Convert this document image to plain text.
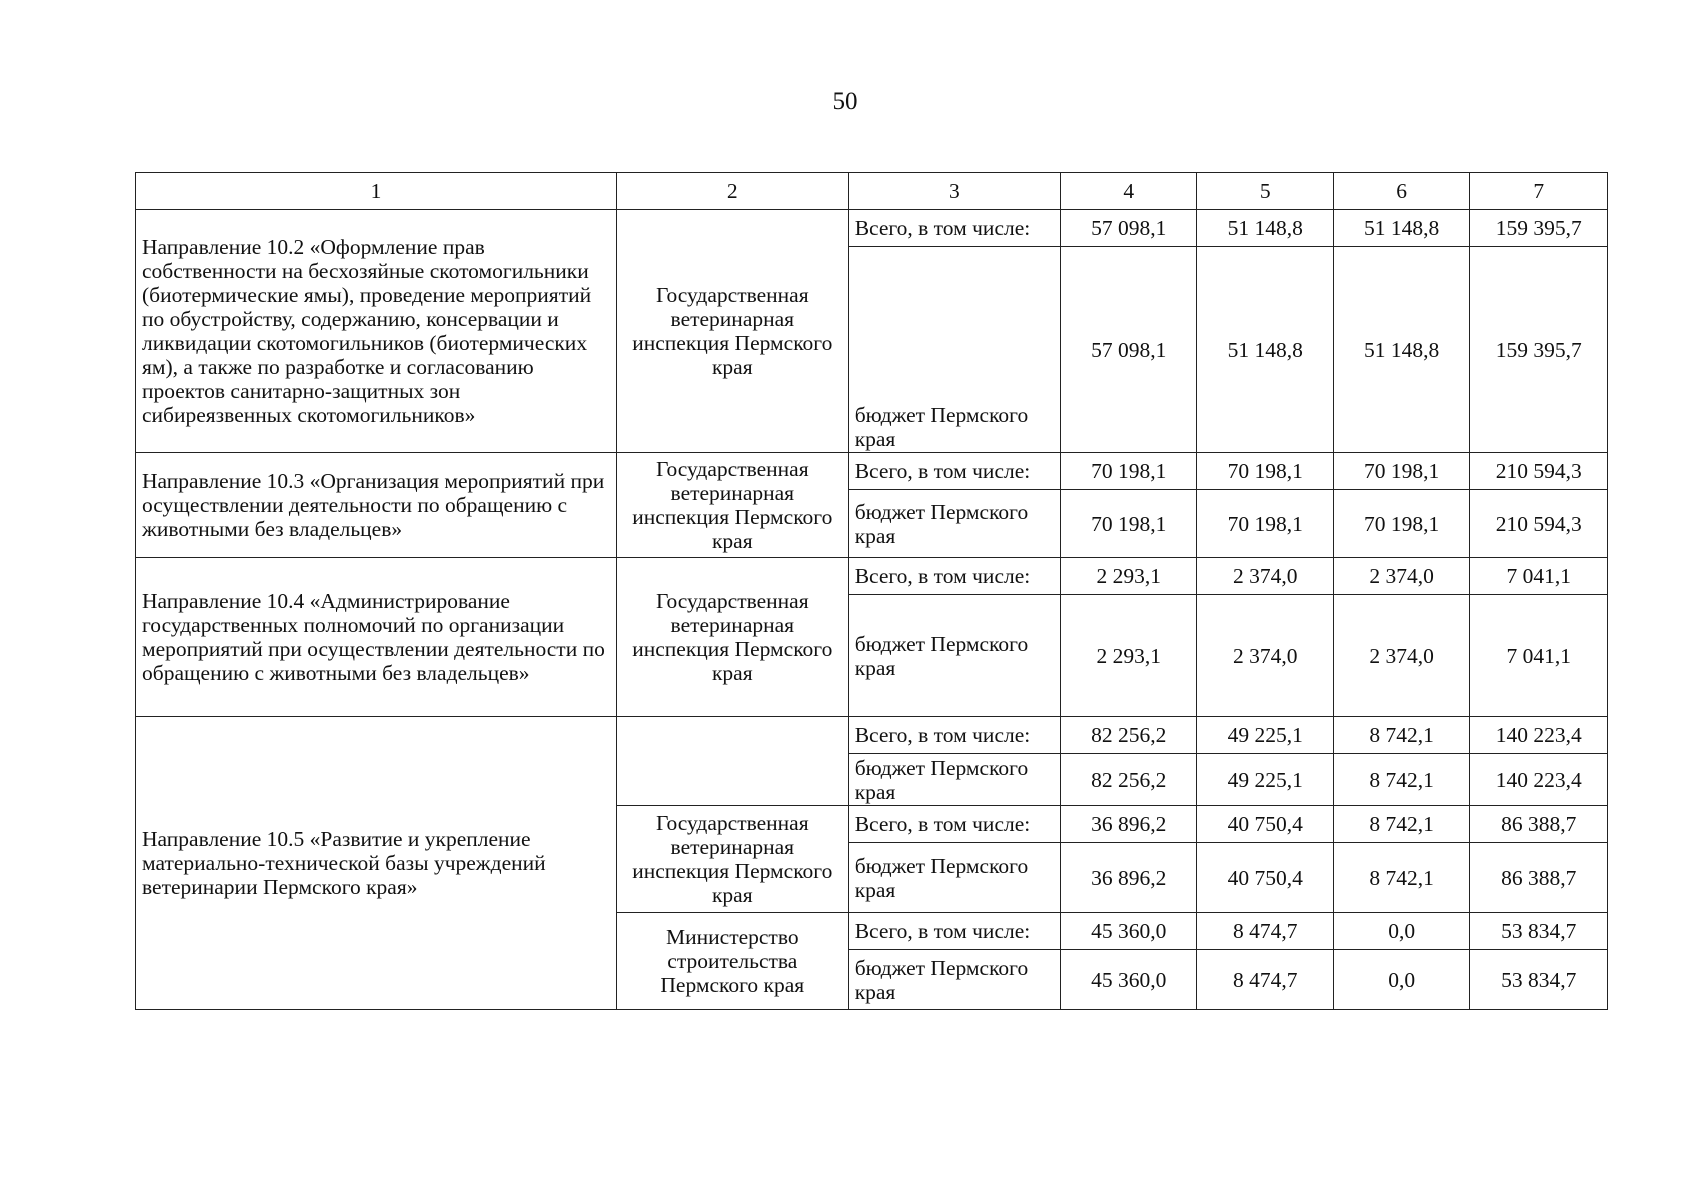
50
1	2	3	4	5	6	7
Направление 10.2 «Оформление прав собственности на бесхозяйные скотомогильники (биотермические ямы), проведение мероприятий по обустройству, содержанию, консервации и ликвидации скотомогильников (биотермических ям), а также по разработке и согласованию проектов санитарно-защитных зон сибиреязвенных скотомогильников»	Государственная ветеринарная инспекция Пермского края	Всего, в том числе:	57 098,1	51 148,8	51 148,8	159 395,7
		бюджет Пермского края	57 098,1	51 148,8	51 148,8	159 395,7
Направление 10.3 «Организация мероприятий при осуществлении деятельности по обращению с животными без владельцев»	Государственная ветеринарная инспекция Пермского края	Всего, в том числе:	70 198,1	70 198,1	70 198,1	210 594,3
		бюджет Пермского края	70 198,1	70 198,1	70 198,1	210 594,3
Направление 10.4 «Администрирование государственных полномочий по организации мероприятий при осуществлении деятельности по обращению с животными без владельцев»	Государственная ветеринарная инспекция Пермского края	Всего, в том числе:	2 293,1	2 374,0	2 374,0	7 041,1
		бюджет Пермского края	2 293,1	2 374,0	2 374,0	7 041,1
Направление 10.5 «Развитие и укрепление материально-технической базы учреждений ветеринарии Пермского края»		Всего, в том числе:	82 256,2	49 225,1	8 742,1	140 223,4
		бюджет Пермского края	82 256,2	49 225,1	8 742,1	140 223,4
	Государственная ветеринарная инспекция Пермского края	Всего, в том числе:	36 896,2	40 750,4	8 742,1	86 388,7
		бюджет Пермского края	36 896,2	40 750,4	8 742,1	86 388,7
	Министерство строительства Пермского края	Всего, в том числе:	45 360,0	8 474,7	0,0	53 834,7
		бюджет Пермского края	45 360,0	8 474,7	0,0	53 834,7
